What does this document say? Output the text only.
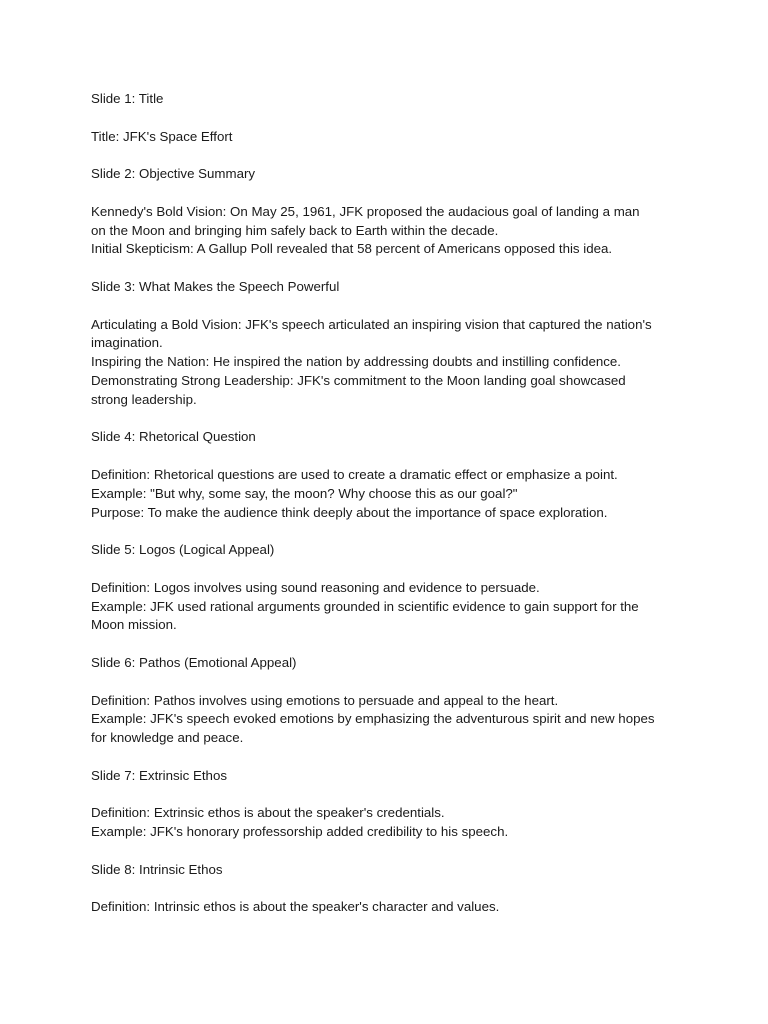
Slide 1: Title

Title: JFK's Space Effort

Slide 2: Objective Summary

Kennedy's Bold Vision: On May 25, 1961, JFK proposed the audacious goal of landing a man

on the Moon and bringing him safely back to Earth within the decade.

Initial Skepticism: A Gallup Poll revealed that 58 percent of Americans opposed this idea.

Slide 3: What Makes the Speech Powerful

Articulating a Bold Vision: JFK's speech articulated an inspiring vision that captured the nation's

imagination.

Inspiring the Nation: He inspired the nation by addressing doubts and instilling confidence.

Demonstrating Strong Leadership: JFK's commitment to the Moon landing goal showcased

strong leadership.

Slide 4: Rhetorical Question

Definition: Rhetorical questions are used to create a dramatic effect or emphasize a point.

Example: "But why, some say, the moon? Why choose this as our goal?"

Purpose: To make the audience think deeply about the importance of space exploration.

Slide 5: Logos (Logical Appeal)

Definition: Logos involves using sound reasoning and evidence to persuade.

Example: JFK used rational arguments grounded in scientific evidence to gain support for the

Moon mission.

Slide 6: Pathos (Emotional Appeal)

Definition: Pathos involves using emotions to persuade and appeal to the heart.

Example: JFK's speech evoked emotions by emphasizing the adventurous spirit and new hopes

for knowledge and peace.

Slide 7: Extrinsic Ethos

Definition: Extrinsic ethos is about the speaker's credentials.

Example: JFK's honorary professorship added credibility to his speech.

Slide 8: Intrinsic Ethos

Definition: Intrinsic ethos is about the speaker's character and values.
